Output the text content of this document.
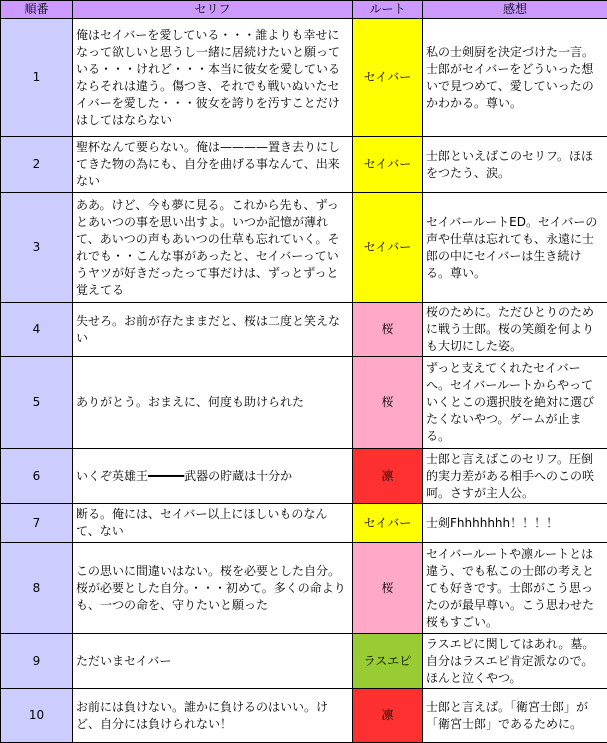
順番	セリフ	ルート	感想
1	俺はセイバーを愛している・・・誰よりも幸せになって欲しいと思うし一緒に居続けたいと願っている・・・けれど・・・本当に彼女を愛しているならそれは違う。傷つき、それでも戦いぬいたセイバーを愛した・・・彼女を誇りを汚すことだけはしてはならない	セイバー	私の士剣厨を決定づけた一言。士郎がセイバーをどういった想いで見つめて、愛していったのかわかる。尊い。
2	聖杯なんて要らない。俺は————置き去りにしてきた物の為にも、自分を曲げる事なんて、出来ない	セイバー	士郎といえばこのセリフ。ほほをつたう、涙。
3	ああ。けど、今も夢に見る。これから先も、ずっとあいつの事を思い出すよ。いつか記憶が薄れて、あいつの声もあいつの仕草も忘れていく。それでも・・こんな事があったと、セイバーっていうヤツが好きだったって事だけは、ずっとずっと覚えてる	セイバー	セイバールートED。セイバーの声や仕草は忘れても、永遠に士郎の中にセイバーは生き続ける。尊い。
4	失せろ。お前が存たままだと、桜は二度と笑えない	桜	桜のために。ただひとりのために戦う士郎。桜の笑顔を何よりも大切にした姿。
5	ありがとう。おまえに、何度も助けられた	桜	ずっと支えてくれたセイバーへ。セイバールートからやっていくとこの選択肢を絶対に選びたくないやつ。ゲームが止まる。
6	いくぞ英雄王━━━━━武器の貯蔵は十分か	凛	士郎と言えばこのセリフ。圧倒的実力差がある相手へのこの咲呵。さすが主人公。
7	断る。俺には、セイバー以上にほしいものなんて、ない	セイバー	士剣Fhhhhhhh！！！！
8	この思いに間違いはない。桜を必要とした自分。桜が必要とした自分。・・・初めて。多くの命よりも、一つの命を、守りたいと願った	桜	セイバールートや凛ルートとは違う、でも私この士郎の考えとても好きです。士郎がこう思ったのが最早尊い。こう思わせた桜もすごい。
9	ただいまセイバー	ラスエピ	ラスエピに関してはあれ。墓。自分はラスエピ肯定派なので。ほんと泣くやつ。
10	お前には負けない。誰かに負けるのはいい。けど、自分には負けられない！	凛	士郎と言えば。「衛宮士郎」が「衛宮士郎」であるために。
